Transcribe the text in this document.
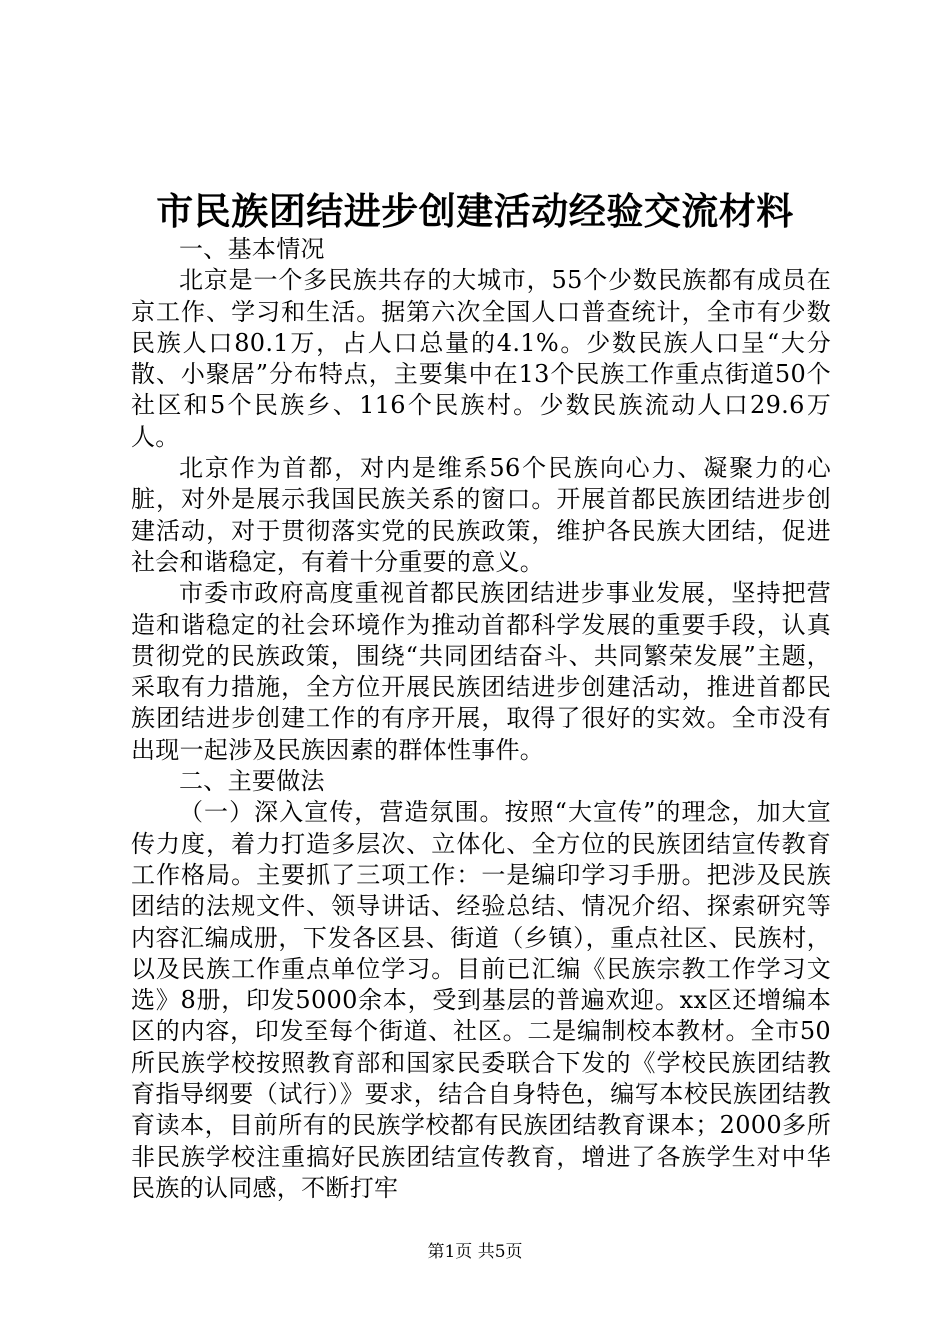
市民族团结进步创建活动经验交流材料

一、基本情况

北京是一个多民族共存的大城市，55个少数民族都有成员在京工作、学习和生活。据第六次全国人口普查统计，全市有少数民族人口80.1万，占人口总量的4.1%。少数民族人口呈“大分散、小聚居”分布特点，主要集中在13个民族工作重点街道50个社区和5个民族乡、116个民族村。少数民族流动人口29.6万人。

北京作为首都，对内是维系56个民族向心力、凝聚力的心脏，对外是展示我国民族关系的窗口。开展首都民族团结进步创建活动，对于贯彻落实党的民族政策，维护各民族大团结，促进社会和谐稳定，有着十分重要的意义。

市委市政府高度重视首都民族团结进步事业发展，坚持把营造和谐稳定的社会环境作为推动首都科学发展的重要手段，认真贯彻党的民族政策，围绕“共同团结奋斗、共同繁荣发展”主题，采取有力措施，全方位开展民族团结进步创建活动，推进首都民族团结进步创建工作的有序开展，取得了很好的实效。全市没有出现一起涉及民族因素的群体性事件。

二、主要做法

（一）深入宣传，营造氛围。按照“大宣传”的理念，加大宣传力度，着力打造多层次、立体化、全方位的民族团结宣传教育工作格局。主要抓了三项工作：一是编印学习手册。把涉及民族团结的法规文件、领导讲话、经验总结、情况介绍、探索研究等内容汇编成册，下发各区县、街道（乡镇），重点社区、民族村，以及民族工作重点单位学习。目前已汇编《民族宗教工作学习文选》8册，印发5000余本，受到基层的普遍欢迎。xx区还增编本区的内容，印发至每个街道、社区。二是编制校本教材。全市50所民族学校按照教育部和国家民委联合下发的《学校民族团结教育指导纲要（试行）》要求，结合自身特色，编写本校民族团结教育读本，目前所有的民族学校都有民族团结教育课本；2000多所非民族学校注重搞好民族团结宣传教育，增进了各族学生对中华民族的认同感，不断打牢

第1页 共5页
